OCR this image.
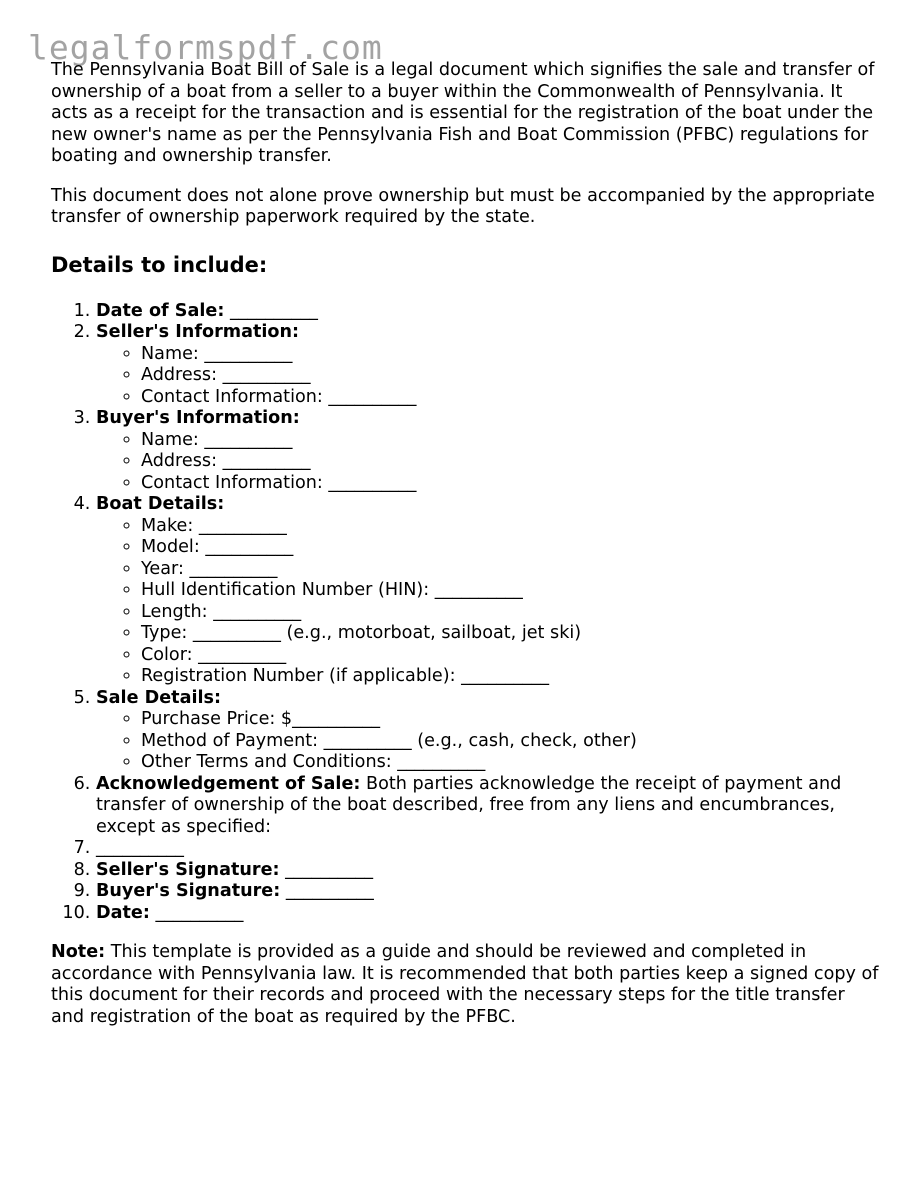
legalformspdf.com

The Pennsylvania Boat Bill of Sale is a legal document which signifies the sale and transfer of ownership of a boat from a seller to a buyer within the Commonwealth of Pennsylvania. It acts as a receipt for the transaction and is essential for the registration of the boat under the new owner's name as per the Pennsylvania Fish and Boat Commission (PFBC) regulations for boating and ownership transfer.

This document does not alone prove ownership but must be accompanied by the appropriate transfer of ownership paperwork required by the state.

Details to include:
1. Date of Sale: __________
2. Seller's Information:
◦ Name: __________
◦ Address: __________
◦ Contact Information: __________
3. Buyer's Information:
◦ Name: __________
◦ Address: __________
◦ Contact Information: __________
4. Boat Details:
◦ Make: __________
◦ Model: __________
◦ Year: __________
◦ Hull Identification Number (HIN): __________
◦ Length: __________
◦ Type: __________ (e.g., motorboat, sailboat, jet ski)
◦ Color: __________
◦ Registration Number (if applicable): __________
5. Sale Details:
◦ Purchase Price: $__________
◦ Method of Payment: __________ (e.g., cash, check, other)
◦ Other Terms and Conditions: __________
6. Acknowledgement of Sale: Both parties acknowledge the receipt of payment and transfer of ownership of the boat described, free from any liens and encumbrances, except as specified:
7. __________
8. Seller's Signature: __________
9. Buyer's Signature: __________
10. Date: __________

Note: This template is provided as a guide and should be reviewed and completed in accordance with Pennsylvania law. It is recommended that both parties keep a signed copy of this document for their records and proceed with the necessary steps for the title transfer and registration of the boat as required by the PFBC.
